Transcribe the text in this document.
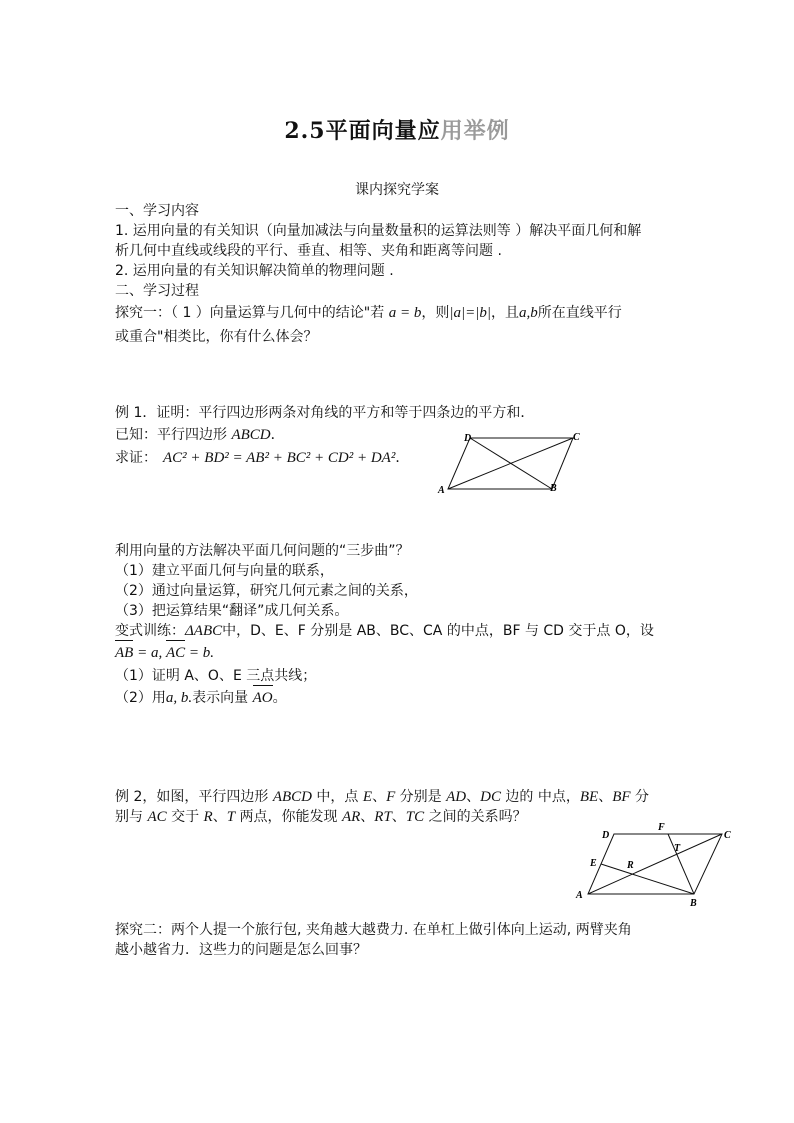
2.5平面向量应用举例
课内探究学案
一、学习内容
1. 运用向量的有关知识（向量加减法与向量数量积的运算法则等 ）解决平面几何和解
析几何中直线或线段的平行、垂直、相等、夹角和距离等问题 .
2. 运用向量的有关知识解决简单的物理问题 .
二、学习过程
探究一：（ 1 ）向量运算与几何中的结论"若 a = b，则|a|=|b|，且a,b所在直线平行
或重合"相类比，你有什么体会？
例 1．证明：平行四边形两条对角线的平方和等于四条边的平方和．
已知：平行四边形 ABCD．
求证： AC² + BD² = AB² + BC² + CD² + DA²．
A	B
C
D
利用向量的方法解决平面几何问题的“三步曲”？
（1）建立平面几何与向量的联系，
（2）通过向量运算，研究几何元素之间的关系，
（3）把运算结果“翻译”成几何关系。
变式训练：ΔABC中，D、E、F 分别是 AB、BC、CA 的中点，BF 与 CD 交于点 O，设
AB = a, AC = b.
（1）证明 A、O、E 三点共线；
（2）用a, b.表示向量 AO。
例 2，如图，平行四边形 ABCD 中，点 E、F 分别是 AD、DC 边的 中点，BE、BF 分
别与 AC 交于 R、T 两点，你能发现 AR、RT、TC 之间的关系吗？
A
B
C
D
E
F
R
T
探究二：两个人提一个旅行包, 夹角越大越费力. 在单杠上做引体向上运动, 两臂夹角
越小越省力．这些力的问题是怎么回事？
